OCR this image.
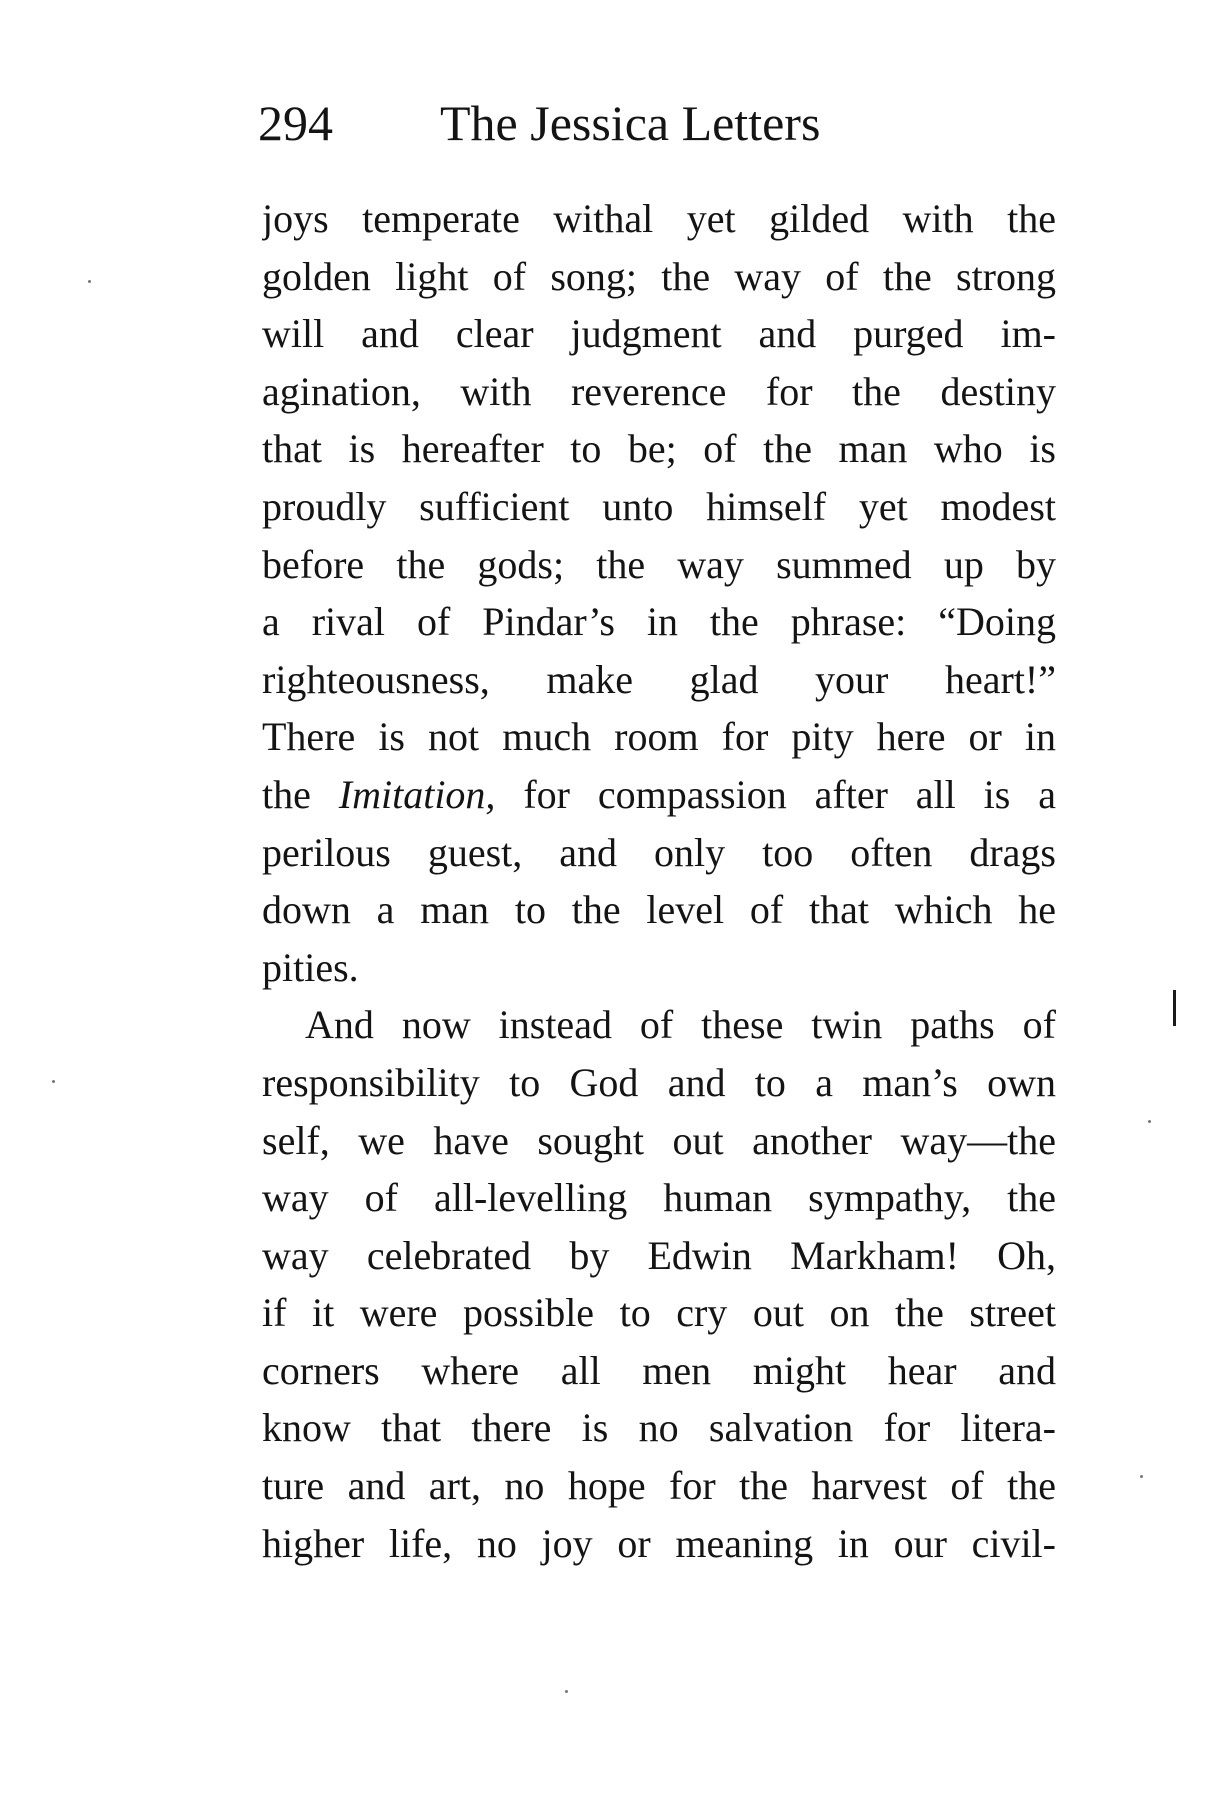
294 The Jessica Letters
joys temperate withal yet gilded with the
golden light of song; the way of the strong
will and clear judgment and purged im-
agination, with reverence for the destiny
that is hereafter to be; of the man who is
proudly sufficient unto himself yet modest
before the gods; the way summed up by
a rival of Pindar’s in the phrase: “Doing
righteousness, make glad your heart!”
There is not much room for pity here or in
the Imitation, for compassion after all is a
perilous guest, and only too often drags
down a man to the level of that which he
pities.
And now instead of these twin paths of
responsibility to God and to a man’s own
self, we have sought out another way—the
way of all-levelling human sympathy, the
way celebrated by Edwin Markham! Oh,
if it were possible to cry out on the street
corners where all men might hear and
know that there is no salvation for litera-
ture and art, no hope for the harvest of the
higher life, no joy or meaning in our civil-
